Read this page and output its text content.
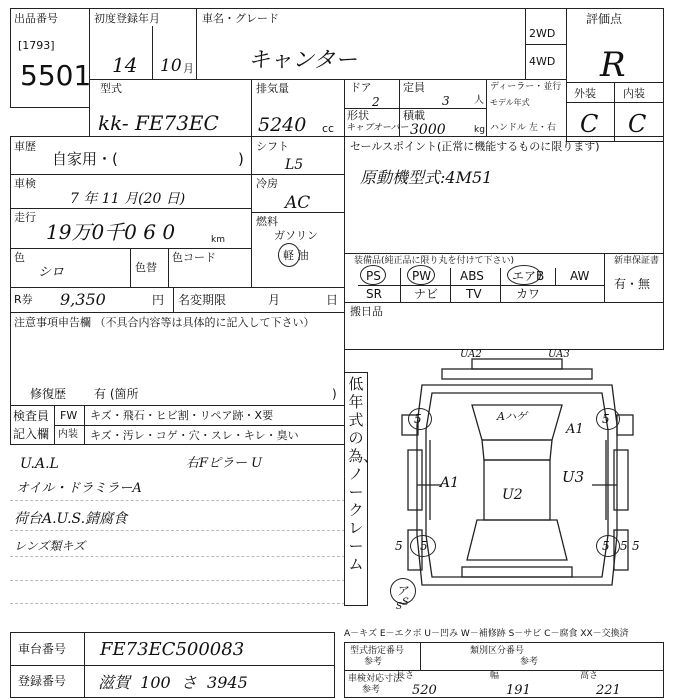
出品番号
[1793]
5501
初度登録年月
14 10 月
車名・グレード
キャンター
2WD
4WD
評価点
R
型式
kk- FE73EC
排気量
5240 cc
ドア
2
形状
キャブオーバー
定員
3 人
積載
3000	kg
ディーラー・並行
モデル年式
ハンドル 左・右
外装 内装
C C
車歴
自家用・(	)
車検
7 年 11 月(20 日)
走行
19万0千0 6 0	km
色
シロ	色替
色コード
シフト
L5
冷房
AC
燃料
ガソリン
軽 油
R券 9,350	円 名変期限	月	日
セールスポイント(正常に機能するものに限ります)
原動機型式:4M51
装備品(純正品に限り丸を付けて下さい)	新車保証書
PS	PW ABS エアB AW
SR	ナビ TV	カワ
有・無
搬日品
注意事項申告欄 （不具合内容等は具体的に記入して下さい）
修復歴 有 (箇所	)
検査員
記入欄
FW キズ・飛石・ヒビ割・リペア跡・X要
内装 キズ・汚レ・コゲ・穴・スレ・キレ・臭い
U.A.L	右Fピラー U
オイル・ドラミラーA
荷台A.U.S.錆腐食
レンズ類キズ
低年式の為、ノークレーム
UA2	UA3
Aハゲ
A1
A1
U2
U3
5	5
5 5	5 5 5
S
ア
S
A－キズ E－エクボ U－凹み W－補修跡 S－サビ C－腐食 XX－交換済
型式指定番号
参考
類別区分番号
参考
車検対応寸法
参考
長さ
520
幅
191
高さ
221
車台番号 FE73EC500083
登録番号 滋賀  100  さ  3945
